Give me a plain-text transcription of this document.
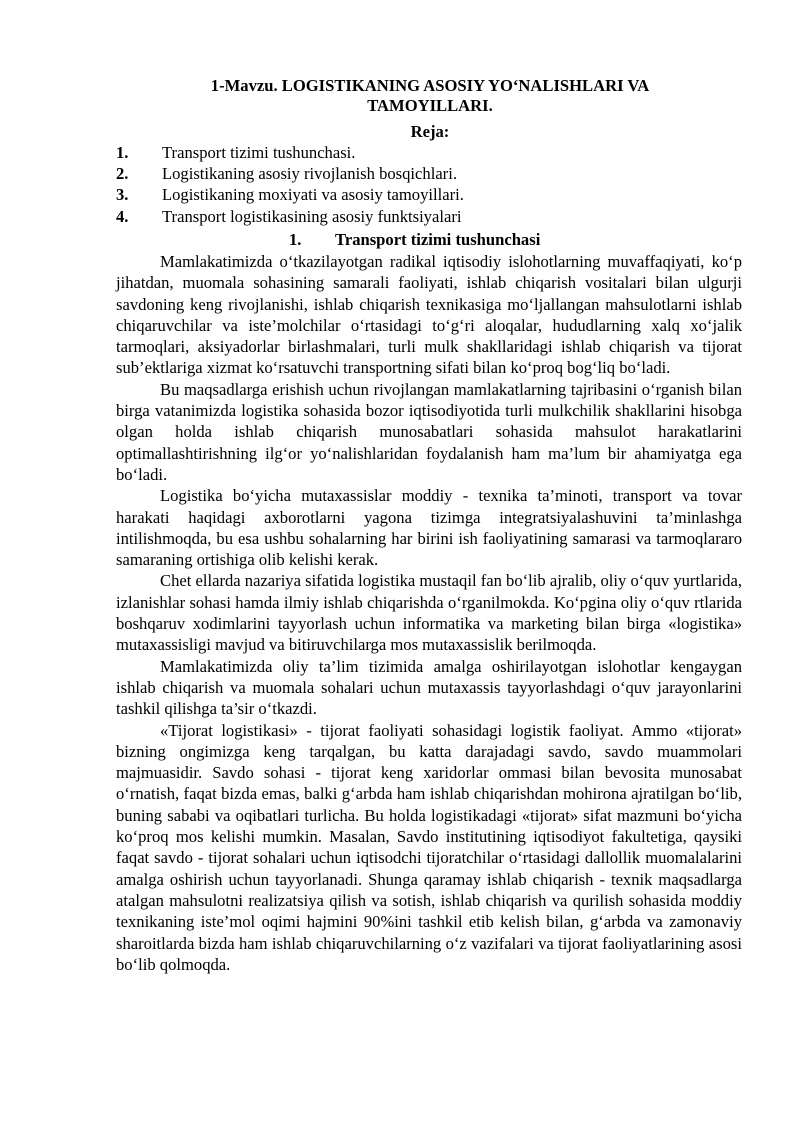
1-Mavzu. LOGISTIKANING ASOSIY YO‘NALISHLARI VA
TAMOYILLARI.
Reja:
1.	Transport tizimi tushunchasi.
2.	Logistikaning asosiy rivojlanish bosqichlari.
3.	Logistikaning moxiyati va asosiy tamoyillari.
4.	Transport logistikasining asosiy funktsiyalari
1.	Transport tizimi tushunchasi

Mamlakatimizda o‘tkazilayotgan radikal iqtisodiy islohotlarning muvaffaqiyati, ko‘p jihatdan, muomala sohasining samarali faoliyati, ishlab chiqarish vositalari bilan ulgurji savdoning keng rivojlanishi, ishlab chiqarish texnikasiga mo‘ljallangan mahsulotlarni ishlab chiqaruvchilar va iste’molchilar o‘rtasidagi to‘g‘ri aloqalar, hududlarning xalq xo‘jalik tarmoqlari, aksiyadorlar birlashmalari, turli mulk shakllaridagi ishlab chiqarish va tijorat sub’ektlariga xizmat ko‘rsatuvchi transportning sifati bilan ko‘proq bog‘liq bo‘ladi.

Bu maqsadlarga erishish uchun rivojlangan mamlakatlarning tajribasini o‘rganish bilan birga vatanimizda logistika sohasida bozor iqtisodiyotida turli mulkchilik shakllarini hisobga olgan holda ishlab chiqarish munosabatlari sohasida mahsulot harakatlarini optimallashtirishning ilg‘or yo‘nalishlaridan foydalanish ham ma’lum bir ahamiyatga ega bo‘ladi.

Logistika bo‘yicha mutaxassislar moddiy - texnika ta’minoti, transport va tovar harakati haqidagi axborotlarni yagona tizimga integratsiyalashuvini ta’minlashga intilishmoqda, bu esa ushbu sohalarning har birini ish faoliyatining samarasi va tarmoqlararo samaraning ortishiga olib kelishi kerak.

Chet ellarda nazariya sifatida logistika mustaqil fan bo‘lib ajralib, oliy o‘quv yurtlarida, izlanishlar sohasi hamda ilmiy ishlab chiqarishda o‘rganilmokda. Ko‘pgina oliy o‘quv rtlarida boshqaruv xodimlarini tayyorlash uchun informatika va marketing bilan birga «logistika» mutaxassisligi mavjud va bitiruvchilarga mos mutaxassislik berilmoqda.

Mamlakatimizda oliy ta’lim tizimida amalga oshirilayotgan islohotlar kengaygan ishlab chiqarish va muomala sohalari uchun mutaxassis tayyorlashdagi o‘quv jarayonlarini tashkil qilishga ta’sir o‘tkazdi.

«Tijorat logistikasi» - tijorat faoliyati sohasidagi logistik faoliyat. Ammo «tijorat» bizning ongimizga keng tarqalgan, bu katta darajadagi savdo, savdo muammolari majmuasidir. Savdo sohasi - tijorat keng xaridorlar ommasi bilan bevosita munosabat o‘rnatish, faqat bizda emas, balki g‘arbda ham ishlab chiqarishdan mohirona ajratilgan bo‘lib, buning sababi va oqibatlari turlicha. Bu holda logistikadagi «tijorat» sifat mazmuni bo‘yicha ko‘proq mos kelishi mumkin. Masalan, Savdo institutining iqtisodiyot fakultetiga, qaysiki faqat savdo - tijorat sohalari uchun iqtisodchi tijoratchilar o‘rtasidagi dallollik muomalalarini amalga oshirish uchun tayyorlanadi. Shunga qaramay ishlab chiqarish - texnik maqsadlarga atalgan mahsulotni realizatsiya qilish va sotish, ishlab chiqarish va qurilish sohasida moddiy texnikaning iste’mol oqimi hajmini 90%ini tashkil etib kelish bilan, g‘arbda va zamonaviy sharoitlarda bizda ham ishlab chiqaruvchilarning o‘z vazifalari va tijorat faoliyatlarining asosi bo‘lib qolmoqda.
